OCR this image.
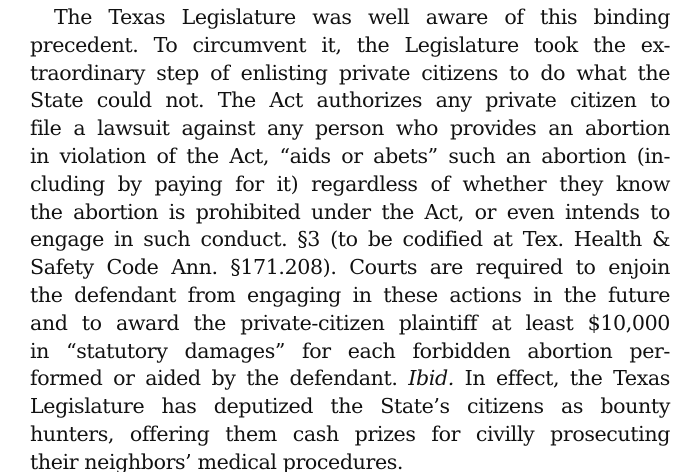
The Texas Legislature was well aware of this binding
precedent. To circumvent it, the Legislature took the ex-
traordinary step of enlisting private citizens to do what the
State could not. The Act authorizes any private citizen to
file a lawsuit against any person who provides an abortion
in violation of the Act, “aids or abets” such an abortion (in-
cluding by paying for it) regardless of whether they know
the abortion is prohibited under the Act, or even intends to
engage in such conduct. §3 (to be codified at Tex. Health &
Safety Code Ann. §171.208). Courts are required to enjoin
the defendant from engaging in these actions in the future
and to award the private-citizen plaintiff at least $10,000
in “statutory damages” for each forbidden abortion per-
formed or aided by the defendant. Ibid. In effect, the Texas
Legislature has deputized the State’s citizens as bounty
hunters, offering them cash prizes for civilly prosecuting
their neighbors’ medical procedures.
